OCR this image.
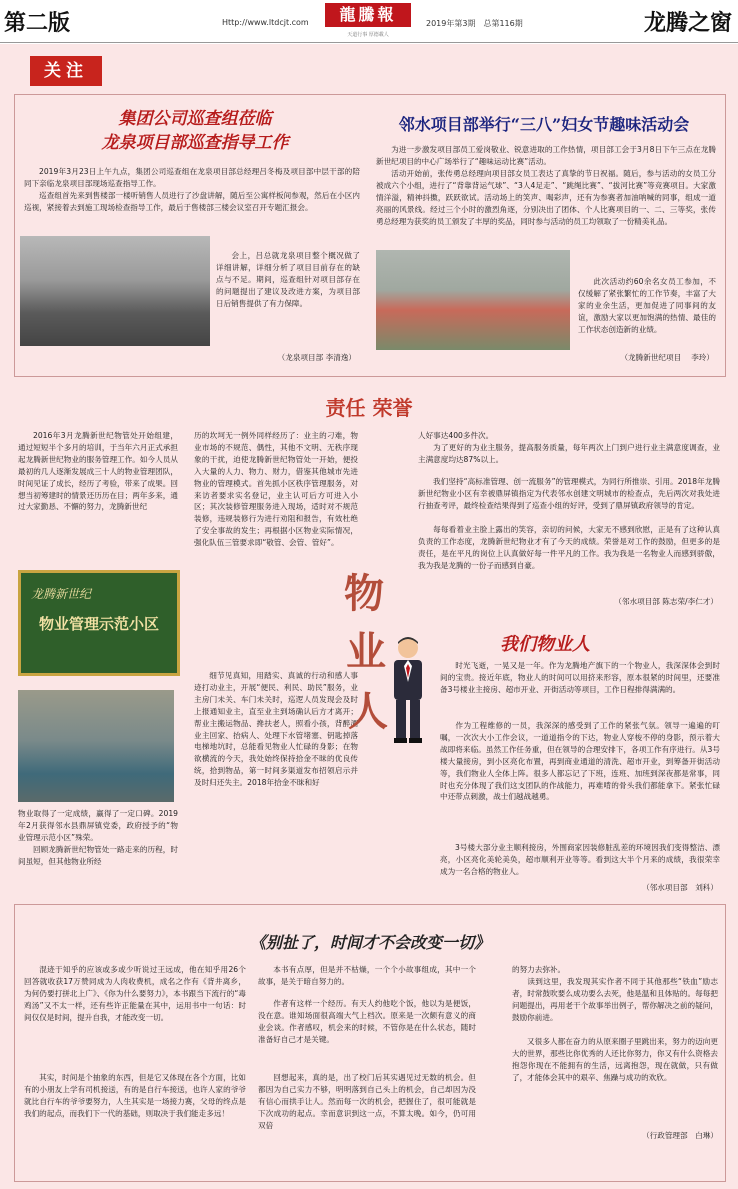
第二版	Http://www.ltdcjt.com	龍騰報
天道行事 厚德載人
2019年第3期　总第116期	龙腾之窗
关注
集团公司巡查组莅临
龙泉项目部巡查指导工作

2019年3月23日上午九点，集团公司巡查组在龙泉项目部总经理吕冬梅及项目部中层干部的陪同下亲临龙泉项目部现场巡查指导工作。

巡查组首先来到售楼部一楼听销售人员进行了沙盘讲解，随后至公寓样板间参观，然后在小区内巡视，紧接着去到施工现场检查指导工作，最后于售楼部三楼会议室召开专题汇报会。

会上，吕总就龙泉项目整个概况做了详细讲解，详细分析了项目目前存在的缺点与不足。期间，巡查组针对项目部存在的问题提出了建议及改进方案，为项目部日后销售提供了有力保障。

（龙泉项目部 李清逸）
邻水项目部举行“三八”妇女节趣味活动会

为进一步激发项目部员工爱岗敬业、锐意进取的工作热情，项目部工会于3月8日下午三点在龙腾新世纪项目的中心广场举行了“趣味运动比赛”活动。

活动开始前，张传勇总经理向项目部女员工表达了真挚的节日祝福。随后，参与活动的女员工分被成六个小组，进行了“背靠背运气球”、“3人4足走”、“跳绳比赛”、“拔河比赛”等竞赛项目。大家激情洋溢，精神抖擞，跃跃欲试。活动场上的笑声、喝彩声，还有为参赛者加油呐喊的同事，组成一道亮丽的风景线。经过三个小时的激烈角逐，分别决出了团体、个人比赛项目的一、二、三等奖，张传勇总经理为获奖的员工颁发了丰厚的奖品，同时参与活动的员工均领取了一份精美礼品。

此次活动约60余名女员工参加，不仅缓解了紧张繁忙的工作节奏，丰富了大家的业余生活，更加促进了同事间的友谊，激励大家以更加饱满的热情、最佳的工作状态创造新的业绩。

（龙腾新世纪项目　 李玲）
责任 荣誉

2016年3月龙腾新世纪物管处开始组建，通过短短半个多月的培训，于当年六月正式承担起龙腾新世纪物业的服务管理工作。如今人员从最初的几人逐渐发展成三十人的物业管理团队，时间见证了成长，经历了考验，带来了成果。回想当初筹建时的情景还历历在目；两年多来，通过大家勤恳、不懈的努力，龙腾新世纪

龙腾新世纪
物业管理示范小区

物业取得了一定成绩，赢得了一定口碑。2019年2月获得邻水县鼎屏镇党委，政府授予的“物业管理示范小区”殊荣。

回顾龙腾新世纪物管处一路走来的历程，时间虽短，但其他物业所经

历的坎坷无一例外同样经历了：业主的刁难，物业市场的不规范、偶性，其他不文明、无秩序现象的干扰，迫使龙腾新世纪物管处一开始，便投入大量的人力、物力、财力，借鉴其他城市先进物业的管理模式。首先抓小区秩序管理服务，对来访者要求实名登记，业主认可后方可进入小区；其次装修管理服务进入现场，适时对不规范装修，违规装修行为进行劝阻和报告，有效杜绝了安全事故的发生；再根据小区物业实际情况，强化队伍三管要求即“敬管、会管、管好”。

细节见真知，用踏实、真诚的行动和感人事迹打动业主，开展“便民、利民、助民”服务，业主房门未关、车门未关时，巡逻人员发现会及时上报通知业主，直至业主到场确认后方才离开；帮业主搬运物品、搀扶老人，照看小孩，背醉酒业主回家、抬病人、处理下水管堵塞、钥匙掉落电梯地坑时，总能看见物业人忙碌的身影；在物欲横流的今天，我处始终保持拾金不昧的优良传统，拾到物品，第一时间多渠道发布招领启示并及时归还失主。2018年拾金不昧和好

物
业
人

人好事达400多件次。

为了更好的为业主服务，提高服务质量，每年两次上门到户进行业主满意度调查，业主满意度均达87%以上。

我们坚持“高标准管理、创一流服务”的管理模式，为同行所推崇、引用。2018年龙腾新世纪物业小区有幸被鼎屏镇指定为代表邻水创建文明城市的检查点，先后两次对我处进行抽查考评，最终检查结果得到了巡查小组的好评，受到了鼎屏镇政府领导的肯定。

每每看着业主脸上露出的笑容，亲切的问候，大家无不感到欣慰，正是有了这种认真负责的工作态度，龙腾新世纪物业才有了今天的成绩。荣誉是对工作的鼓励，但更多的是责任，是在平凡的岗位上认真做好每一件平凡的工作。我为我是一名物业人而感到骄傲，我为我是龙腾的一份子而感到自豪。

（邻水项目部 陈志荣/李仁才）
我们物业人

时光飞逝，一晃又是一年。作为龙腾地产旗下的一个物业人，我深深体会到时间的宝贵。接近年底，物业人的时间可以用挤来形容，原本很紧的时间里，还要准备3号楼业主接房、超市开业、开街活动等项目，工作日程排得满满的。

作为工程维修的一员，我深深的感受到了工作的紧张气氛。领导一遍遍的叮嘱，一次次大小工作会议，一道道指令的下达，物业人穿梭不停的身影，预示着大战即将来临。虽然工作任务重，但在领导的合理安排下，各项工作有序进行。从3号楼大量接房，到小区亮化布置，再到商业通道的清洗、超市开业，到筹备开街活动等，我们物业人全体上阵。很多人都忘记了下班，连班、加班到深夜都是常事，同时也充分体现了我们这支团队的作战能力，再难啃的骨头我们都能拿下。紧张忙碌中还带点刺激，战士们越战越勇。

3号楼大部分业主顺利接房，外围商家因装修脏乱差的环境因我们变得整洁、漂亮，小区亮化美轮美奂，超市顺利开业等等。看到这大半个月来的成绩，我很荣幸成为一名合格的物业人。

（邻水项目部　刘科）
《别扯了，时间才不会改变一切》

混迹于知乎的应该或多或少听说过王远成，他在知乎用26个回答就收获17万赞同成为人肉收费机，成名之作有《背井离乡，为何仍要打拼北上广》、《你为什么要努力》，本书跟当下流行的“毒鸡汤”又不太一样，还有些许正能量在其中，运用书中一句话：时间仅仅是时间，提升自我，才能改变一切。

其实，时间是个抽象的东西，但是它又体现在各个方面，比如有的小朋友上学有司机接送，有的是自行车接送，也许人家的爷爷就比自行车的爷爷要努力，人生其实是一场接力赛，父母的终点是我们的起点，而我们下一代的基础，则取决于我们能走多远！

本书有点厚，但是并不枯燥，一个个小故事组成，其中一个故事，是关于暗自努力的。

作者有这样一个经历。有天人约他吃个饭，他以为是便饭，没在意。谁知场面很高端大气上档次。原来是一次颇有意义的商业会谈。作者感叹，机会来的时候，不管你是在什么状态，随时准备好自己才是关键。

回想起来，真的是，出了校门后其实遇见过无数的机会。但都因为自己实力不够，明明落到自己头上的机会，自己却因为没有信心而拱手让人。然而每一次的机会，把握住了，很可能就是下次成功的起点。幸而意识到这一点，不算太晚。如今，仍可用双倍

的努力去弥补。

读到这里，我发现其实作者不同于其他那些“铁血”励志者，时常鼓吹要么成功要么去死，他是温和且体贴的。每每把问题提出，再用老干个故事举出例子，帮你解决之前的疑问，鼓励你前进。

又很多人都在奋力的从原来圈子里跳出来，努力的迈向更大的世界，那些比你优秀的人还比你努力，你又有什么资格去抱怨你现在不能拥有的生活，远离抱怨，现在就做，只有做了，才能体会其中的艰辛、焦躁与成功的欢欣。

（行政管理部　白琳）
